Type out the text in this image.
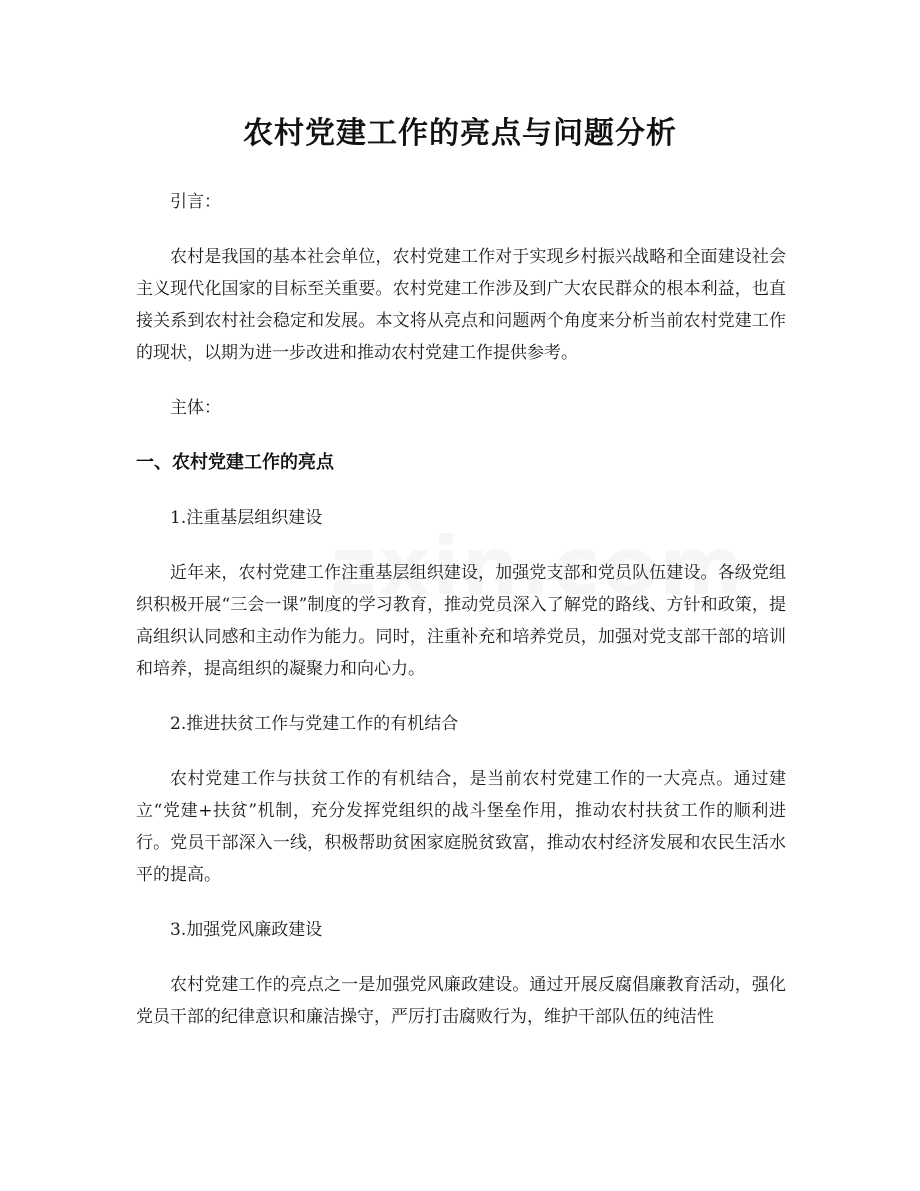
农村党建工作的亮点与问题分析

引言：

农村是我国的基本社会单位，农村党建工作对于实现乡村振兴战略和全面建设社会主义现代化国家的目标至关重要。农村党建工作涉及到广大农民群众的根本利益，也直接关系到农村社会稳定和发展。本文将从亮点和问题两个角度来分析当前农村党建工作的现状，以期为进一步改进和推动农村党建工作提供参考。

主体：

一、农村党建工作的亮点

1.注重基层组织建设

近年来，农村党建工作注重基层组织建设，加强党支部和党员队伍建设。各级党组织积极开展“三会一课”制度的学习教育，推动党员深入了解党的路线、方针和政策，提高组织认同感和主动作为能力。同时，注重补充和培养党员，加强对党支部干部的培训和培养，提高组织的凝聚力和向心力。

2.推进扶贫工作与党建工作的有机结合

农村党建工作与扶贫工作的有机结合，是当前农村党建工作的一大亮点。通过建立“党建+扶贫”机制，充分发挥党组织的战斗堡垒作用，推动农村扶贫工作的顺利进行。党员干部深入一线，积极帮助贫困家庭脱贫致富，推动农村经济发展和农民生活水平的提高。

3.加强党风廉政建设

农村党建工作的亮点之一是加强党风廉政建设。通过开展反腐倡廉教育活动，强化党员干部的纪律意识和廉洁操守，严厉打击腐败行为，维护干部队伍的纯洁性
